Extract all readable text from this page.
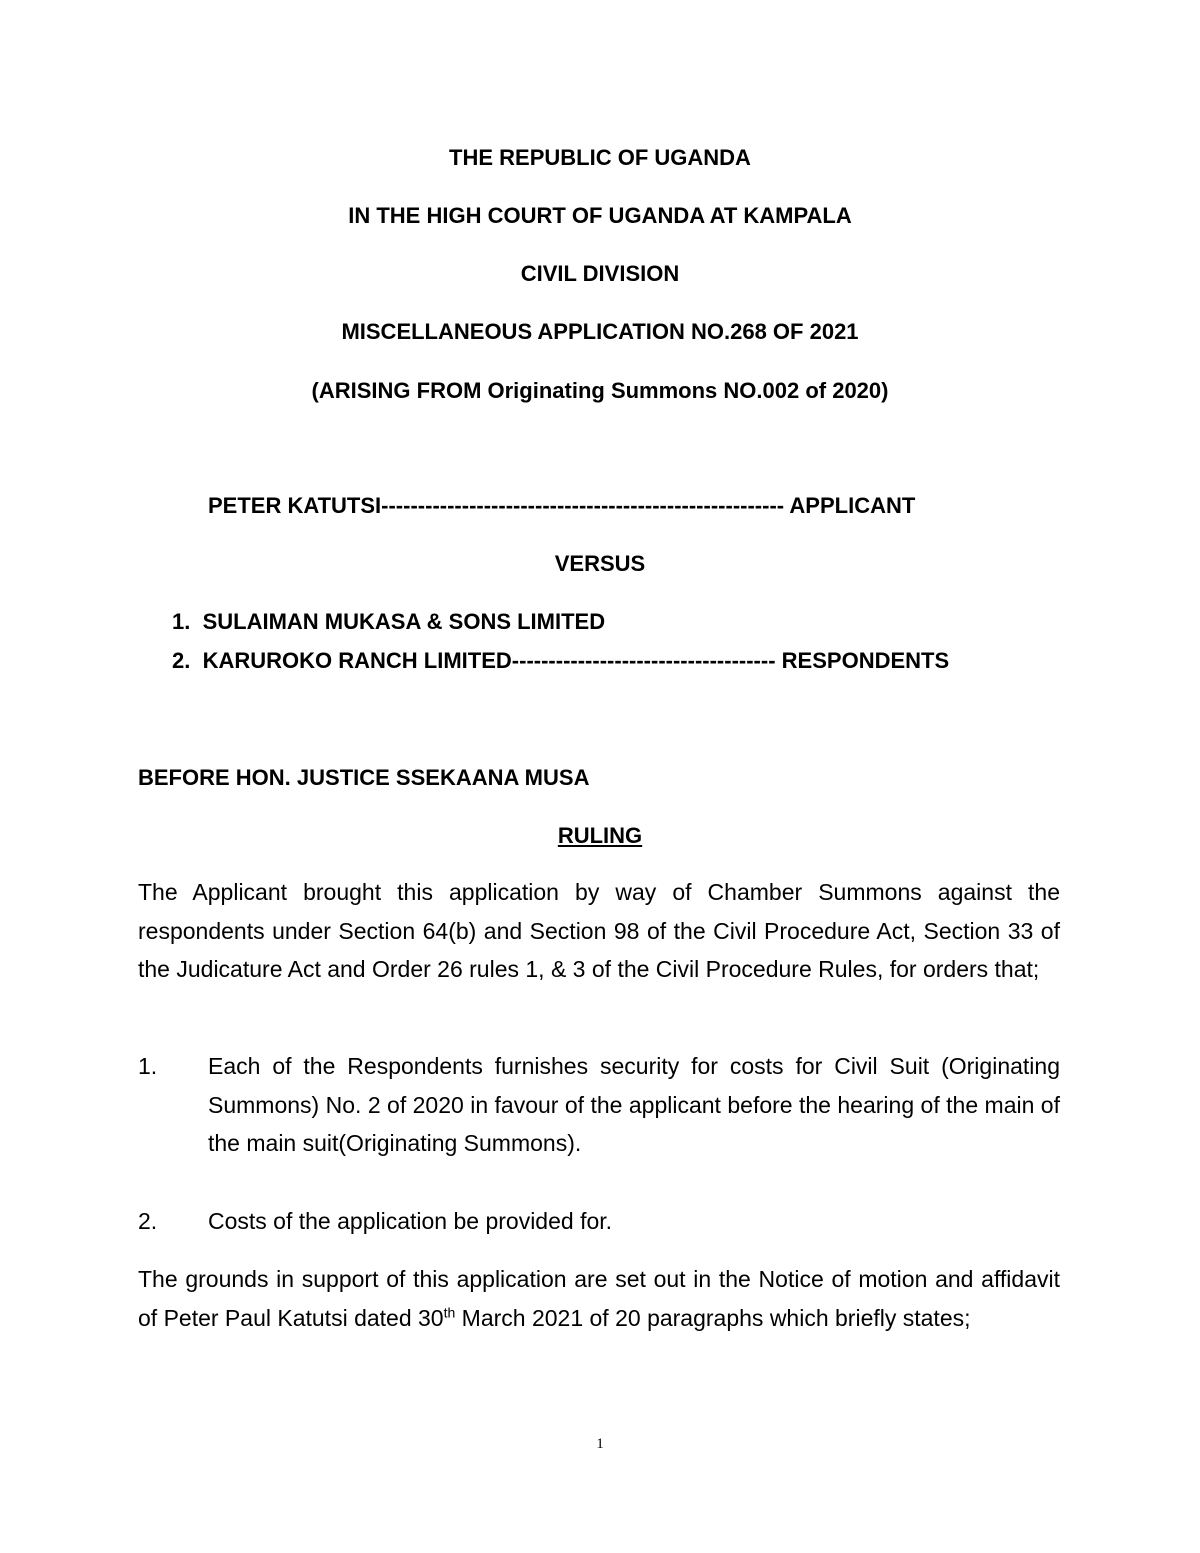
THE REPUBLIC OF UGANDA
IN THE HIGH COURT OF UGANDA AT KAMPALA
CIVIL DIVISION
MISCELLANEOUS APPLICATION NO.268 OF 2021
(ARISING FROM Originating Summons NO.002 of 2020)
PETER KATUTSI------------------------------------------------------- APPLICANT
VERSUS
1. SULAIMAN MUKASA & SONS LIMITED
2. KARUROKO RANCH LIMITED------------------------------------ RESPONDENTS
BEFORE HON. JUSTICE SSEKAANA MUSA
RULING
The Applicant brought this application by way of Chamber Summons against the respondents under Section 64(b) and Section 98 of the Civil Procedure Act, Section 33 of the Judicature Act and Order 26 rules 1, & 3 of the Civil Procedure Rules, for orders that;
1. Each of the Respondents furnishes security for costs for Civil Suit (Originating Summons) No. 2 of 2020 in favour of the applicant before the hearing of the main of the main suit(Originating Summons).
2. Costs of the application be provided for.
The grounds in support of this application are set out in the Notice of motion and affidavit of Peter Paul Katutsi dated 30th March 2021 of 20 paragraphs which briefly states;
1
